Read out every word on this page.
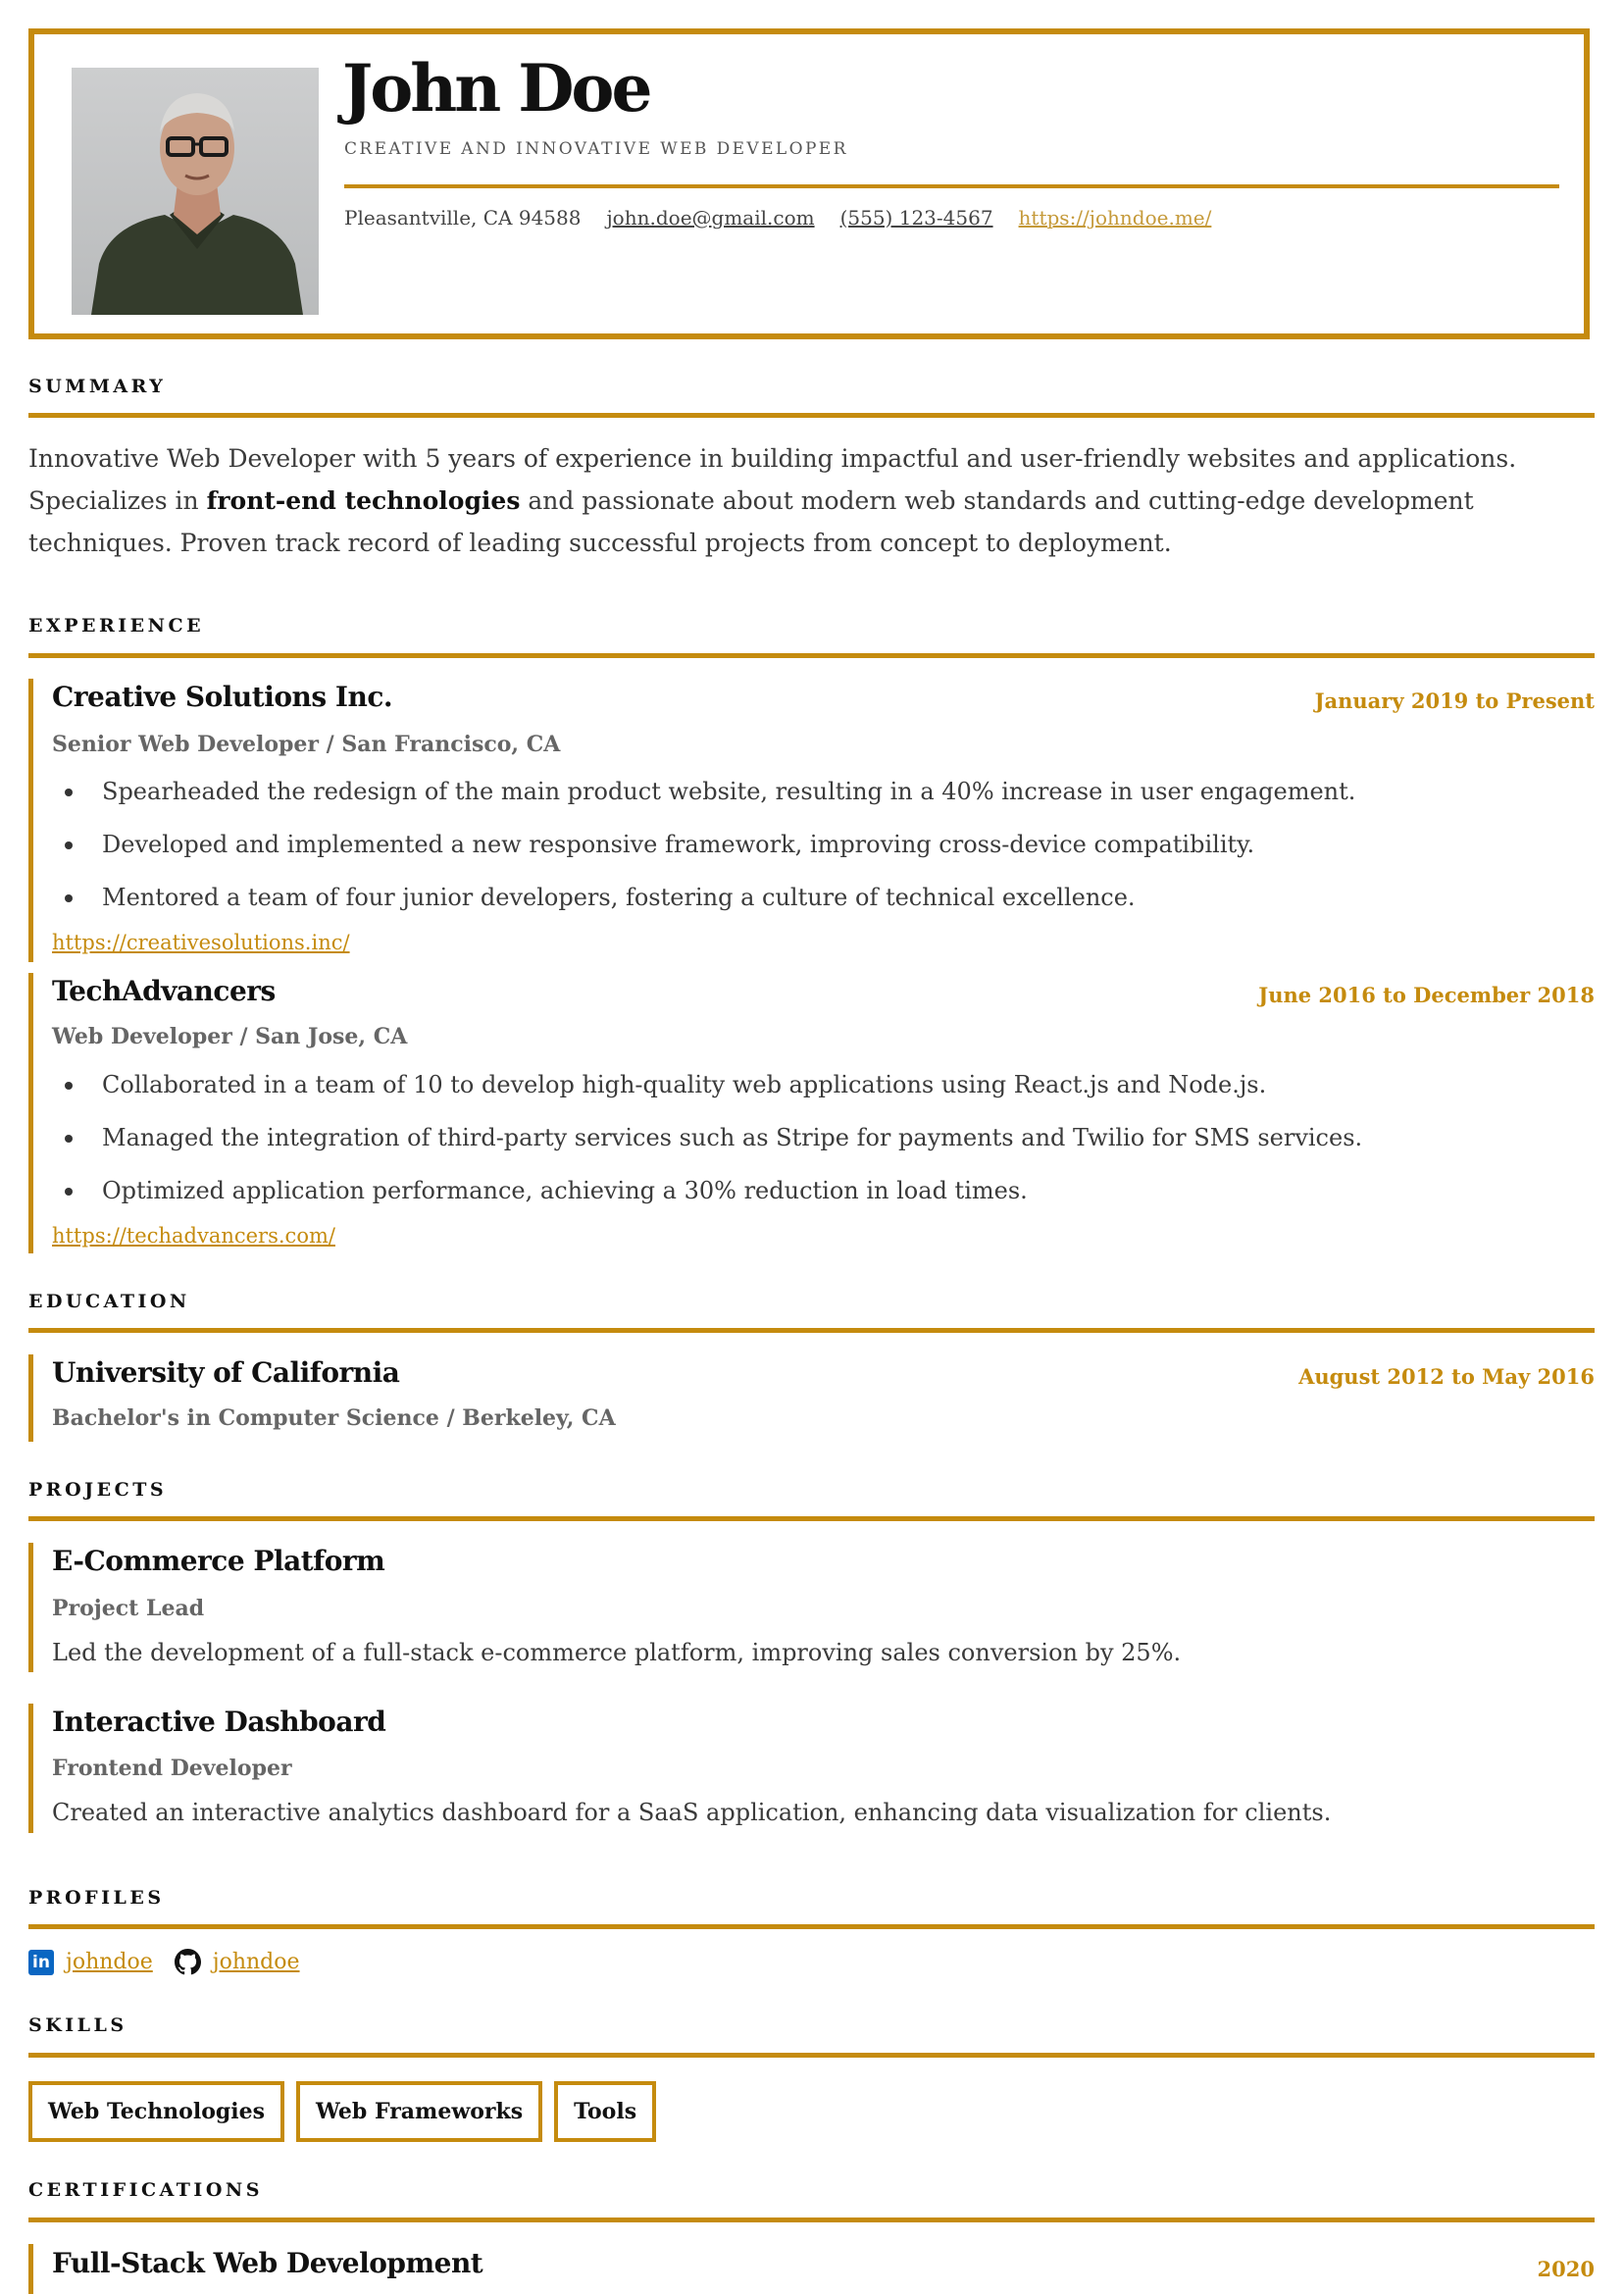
John Doe
CREATIVE AND INNOVATIVE WEB DEVELOPER
Pleasantville, CA 94588 john.doe@gmail.com (555) 123-4567 https://johndoe.me/
SUMMARY
Innovative Web Developer with 5 years of experience in building impactful and user-friendly websites and applications. Specializes in front-end technologies and passionate about modern web standards and cutting-edge development techniques. Proven track record of leading successful projects from concept to deployment.
EXPERIENCE
January 2019 to Present
Creative Solutions Inc.
Senior Web Developer / San Francisco, CA
Spearheaded the redesign of the main product website, resulting in a 40% increase in user engagement.
Developed and implemented a new responsive framework, improving cross-device compatibility.
Mentored a team of four junior developers, fostering a culture of technical excellence.
https://creativesolutions.inc/
June 2016 to December 2018
TechAdvancers
Web Developer / San Jose, CA
Collaborated in a team of 10 to develop high-quality web applications using React.js and Node.js.
Managed the integration of third-party services such as Stripe for payments and Twilio for SMS services.
Optimized application performance, achieving a 30% reduction in load times.
https://techadvancers.com/
EDUCATION
August 2012 to May 2016
University of California
Bachelor's in Computer Science / Berkeley, CA
PROJECTS
E-Commerce Platform
Project Lead
Led the development of a full-stack e-commerce platform, improving sales conversion by 25%.
Interactive Dashboard
Frontend Developer
Created an interactive analytics dashboard for a SaaS application, enhancing data visualization for clients.
PROFILES
in johndoe	johndoe
SKILLS
Web Technologies	Web Frameworks	Tools
CERTIFICATIONS
2020
Full-Stack Web Development
